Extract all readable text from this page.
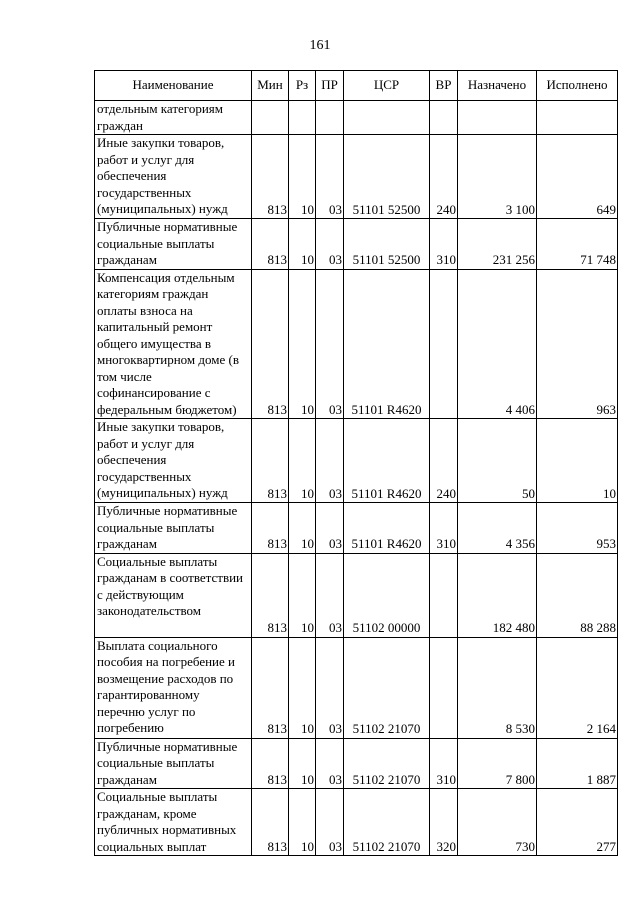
161
Наименование	Мин	Рз	ПР	ЦСР	ВР	Назначено	Исполнено
отдельным категориям граждан							
Иные закупки товаров, работ и услуг для обеспечения государственных (муниципальных) нужд	813	10	03	51101 52500	240	3 100	649
Публичные нормативные социальные выплаты гражданам	813	10	03	51101 52500	310	231 256	71 748
Компенсация отдельным категориям граждан оплаты взноса на капитальный ремонт общего имущества в многоквартирном доме (в том числе софинансирование с федеральным бюджетом)	813	10	03	51101 R4620		4 406	963
Иные закупки товаров, работ и услуг для обеспечения государственных (муниципальных) нужд	813	10	03	51101 R4620	240	50	10
Публичные нормативные социальные выплаты гражданам	813	10	03	51101 R4620	310	4 356	953
Социальные выплаты гражданам в соответствии с действующим законодательством	813	10	03	51102 00000		182 480	88 288
Выплата социального пособия на погребение и возмещение расходов по гарантированному перечню услуг по погребению	813	10	03	51102 21070		8 530	2 164
Публичные нормативные социальные выплаты гражданам	813	10	03	51102 21070	310	7 800	1 887
Социальные выплаты гражданам, кроме публичных нормативных социальных выплат	813	10	03	51102 21070	320	730	277
